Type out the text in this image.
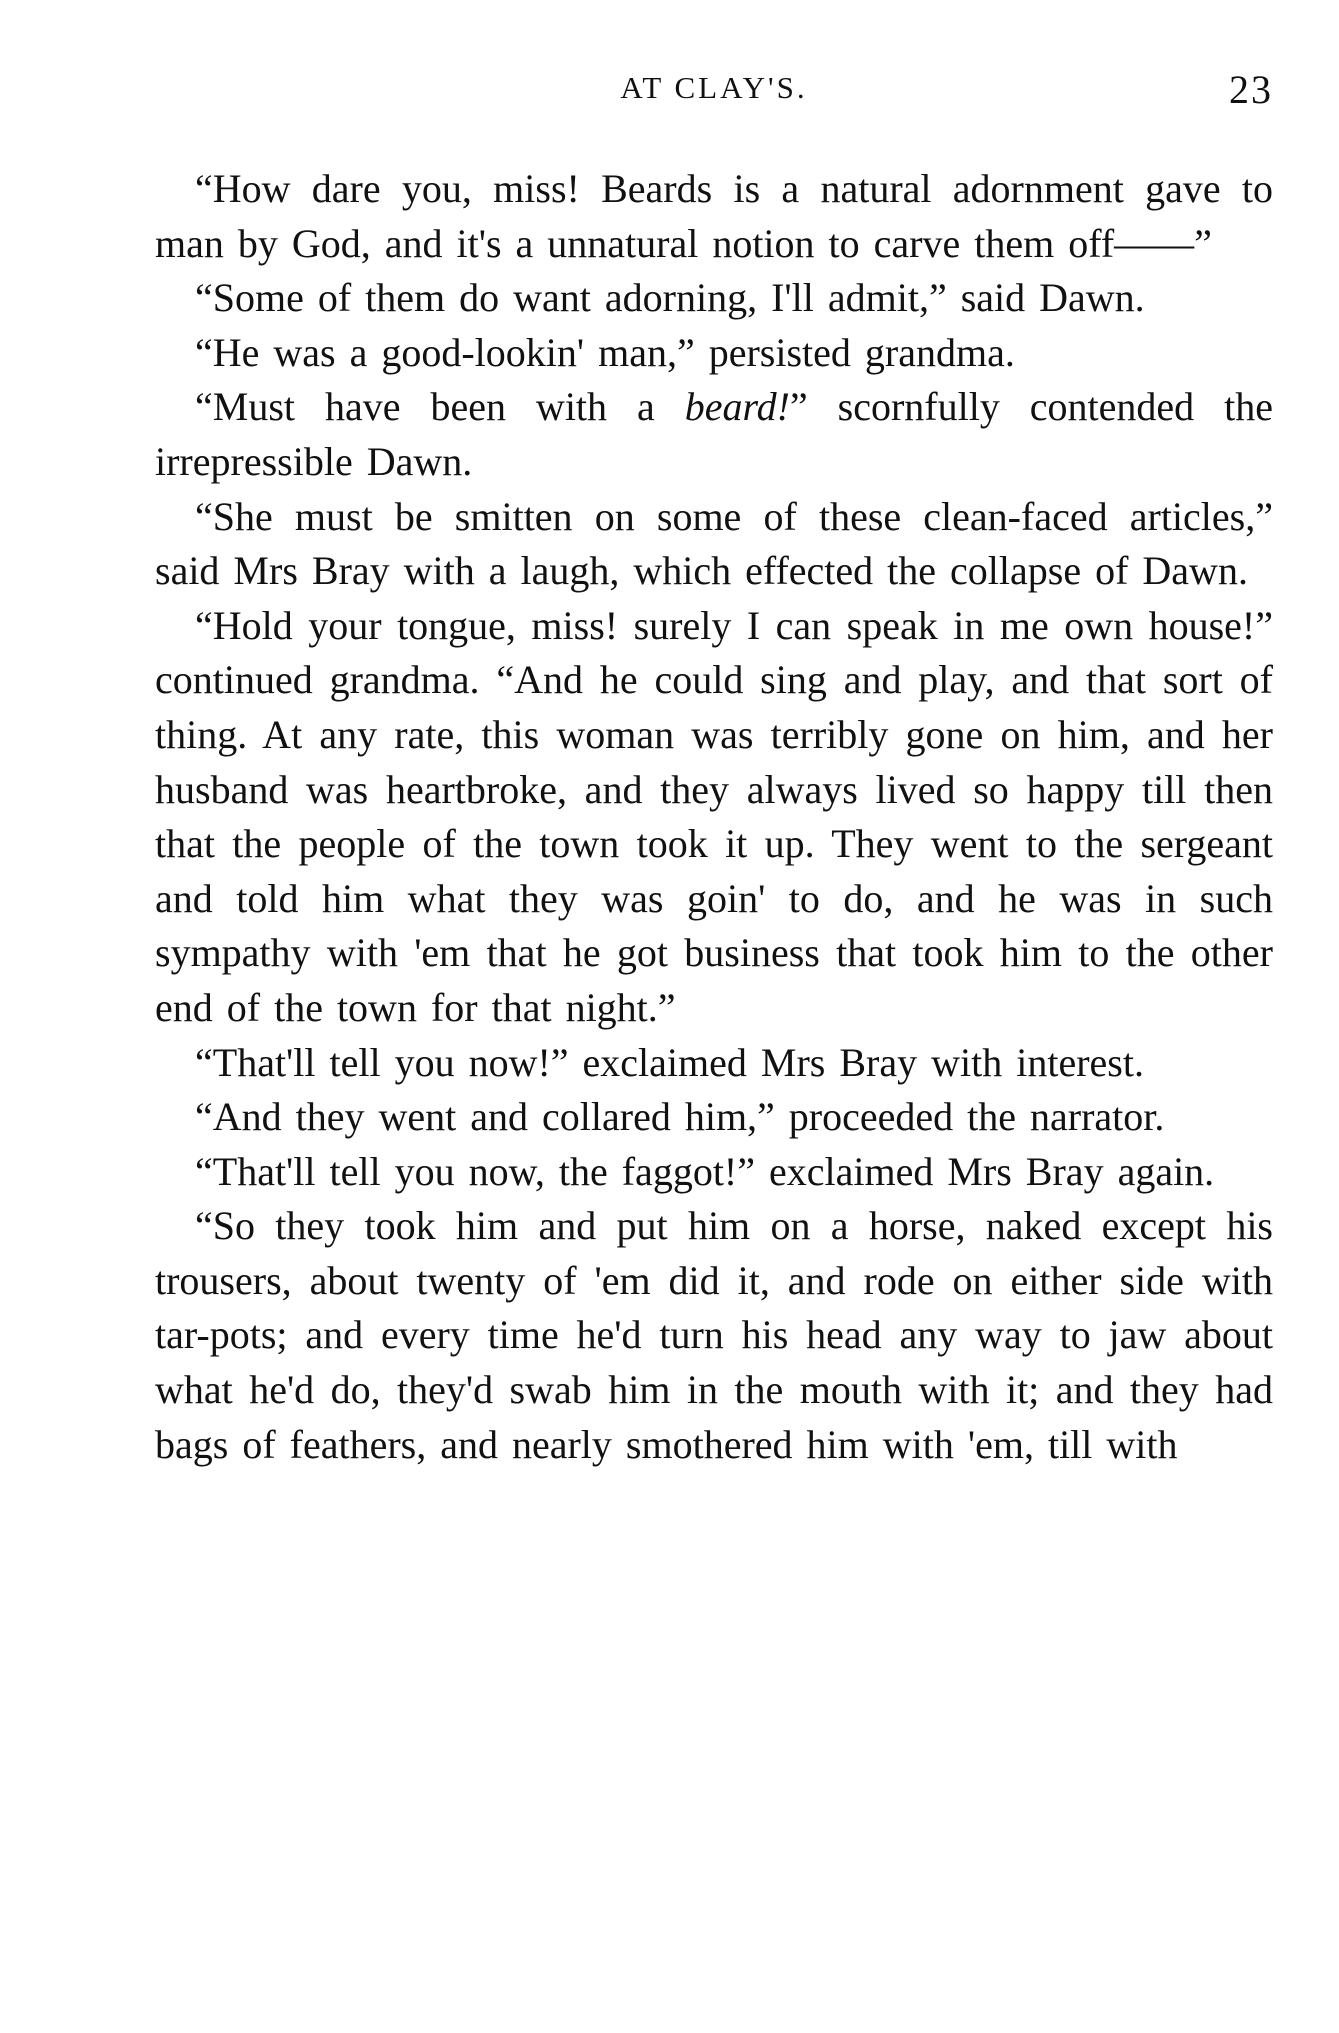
AT CLAY'S.	23

“How dare you, miss! Beards is a natural adornment gave to man by God, and it's a unnatural notion to carve them off——”

“Some of them do want adorning, I'll admit,” said Dawn.

“He was a good-lookin' man,” persisted grandma.

“Must have been with a beard!” scornfully contended the irrepressible Dawn.

“She must be smitten on some of these clean-faced articles,” said Mrs Bray with a laugh, which effected the collapse of Dawn.

“Hold your tongue, miss! surely I can speak in me own house!” continued grandma. “And he could sing and play, and that sort of thing. At any rate, this woman was terribly gone on him, and her husband was heartbroke, and they always lived so happy till then that the people of the town took it up. They went to the sergeant and told him what they was goin' to do, and he was in such sympathy with 'em that he got business that took him to the other end of the town for that night.”

“That'll tell you now!” exclaimed Mrs Bray with interest.

“And they went and collared him,” proceeded the narrator.

“That'll tell you now, the faggot!” exclaimed Mrs Bray again.

“So they took him and put him on a horse, naked except his trousers, about twenty of 'em did it, and rode on either side with tar-pots; and every time he'd turn his head any way to jaw about what he'd do, they'd swab him in the mouth with it; and they had bags of feathers, and nearly smothered him with 'em, till with
